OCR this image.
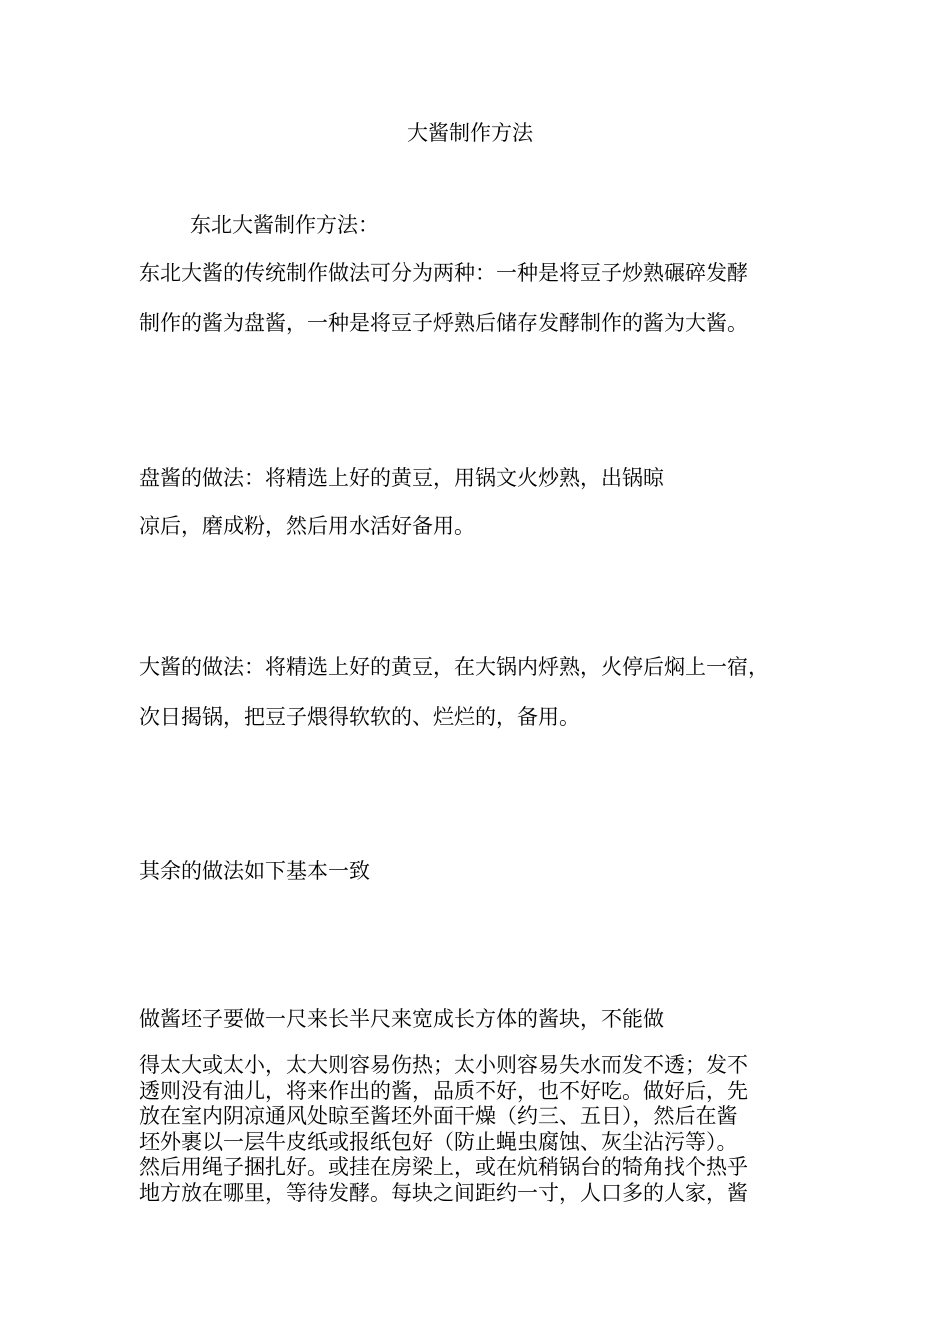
大酱制作方法
东北大酱制作方法：
东北大酱的传统制作做法可分为两种：一种是将豆子炒熟碾碎发酵
制作的酱为盘酱，一种是将豆子烀熟后储存发酵制作的酱为大酱。
盘酱的做法：将精选上好的黄豆，用锅文火炒熟，出锅晾
凉后，磨成粉，然后用水活好备用。
大酱的做法：将精选上好的黄豆，在大锅内烀熟，火停后焖上一宿，
次日揭锅，把豆子煨得软软的、烂烂的，备用。
其余的做法如下基本一致
做酱坯子要做一尺来长半尺来宽成长方体的酱块，不能做
得太大或太小，太大则容易伤热；太小则容易失水而发不透；发不
透则没有油儿，将来作出的酱，品质不好，也不好吃。做好后，先
放在室内阴凉通风处晾至酱坯外面干燥（约三、五日），然后在酱
坯外裹以一层牛皮纸或报纸包好（防止蝇虫腐蚀、灰尘沾污等）。
然后用绳子捆扎好。或挂在房梁上，或在炕稍锅台的犄角找个热乎
地方放在哪里，等待发酵。每块之间距约一寸，人口多的人家，酱
